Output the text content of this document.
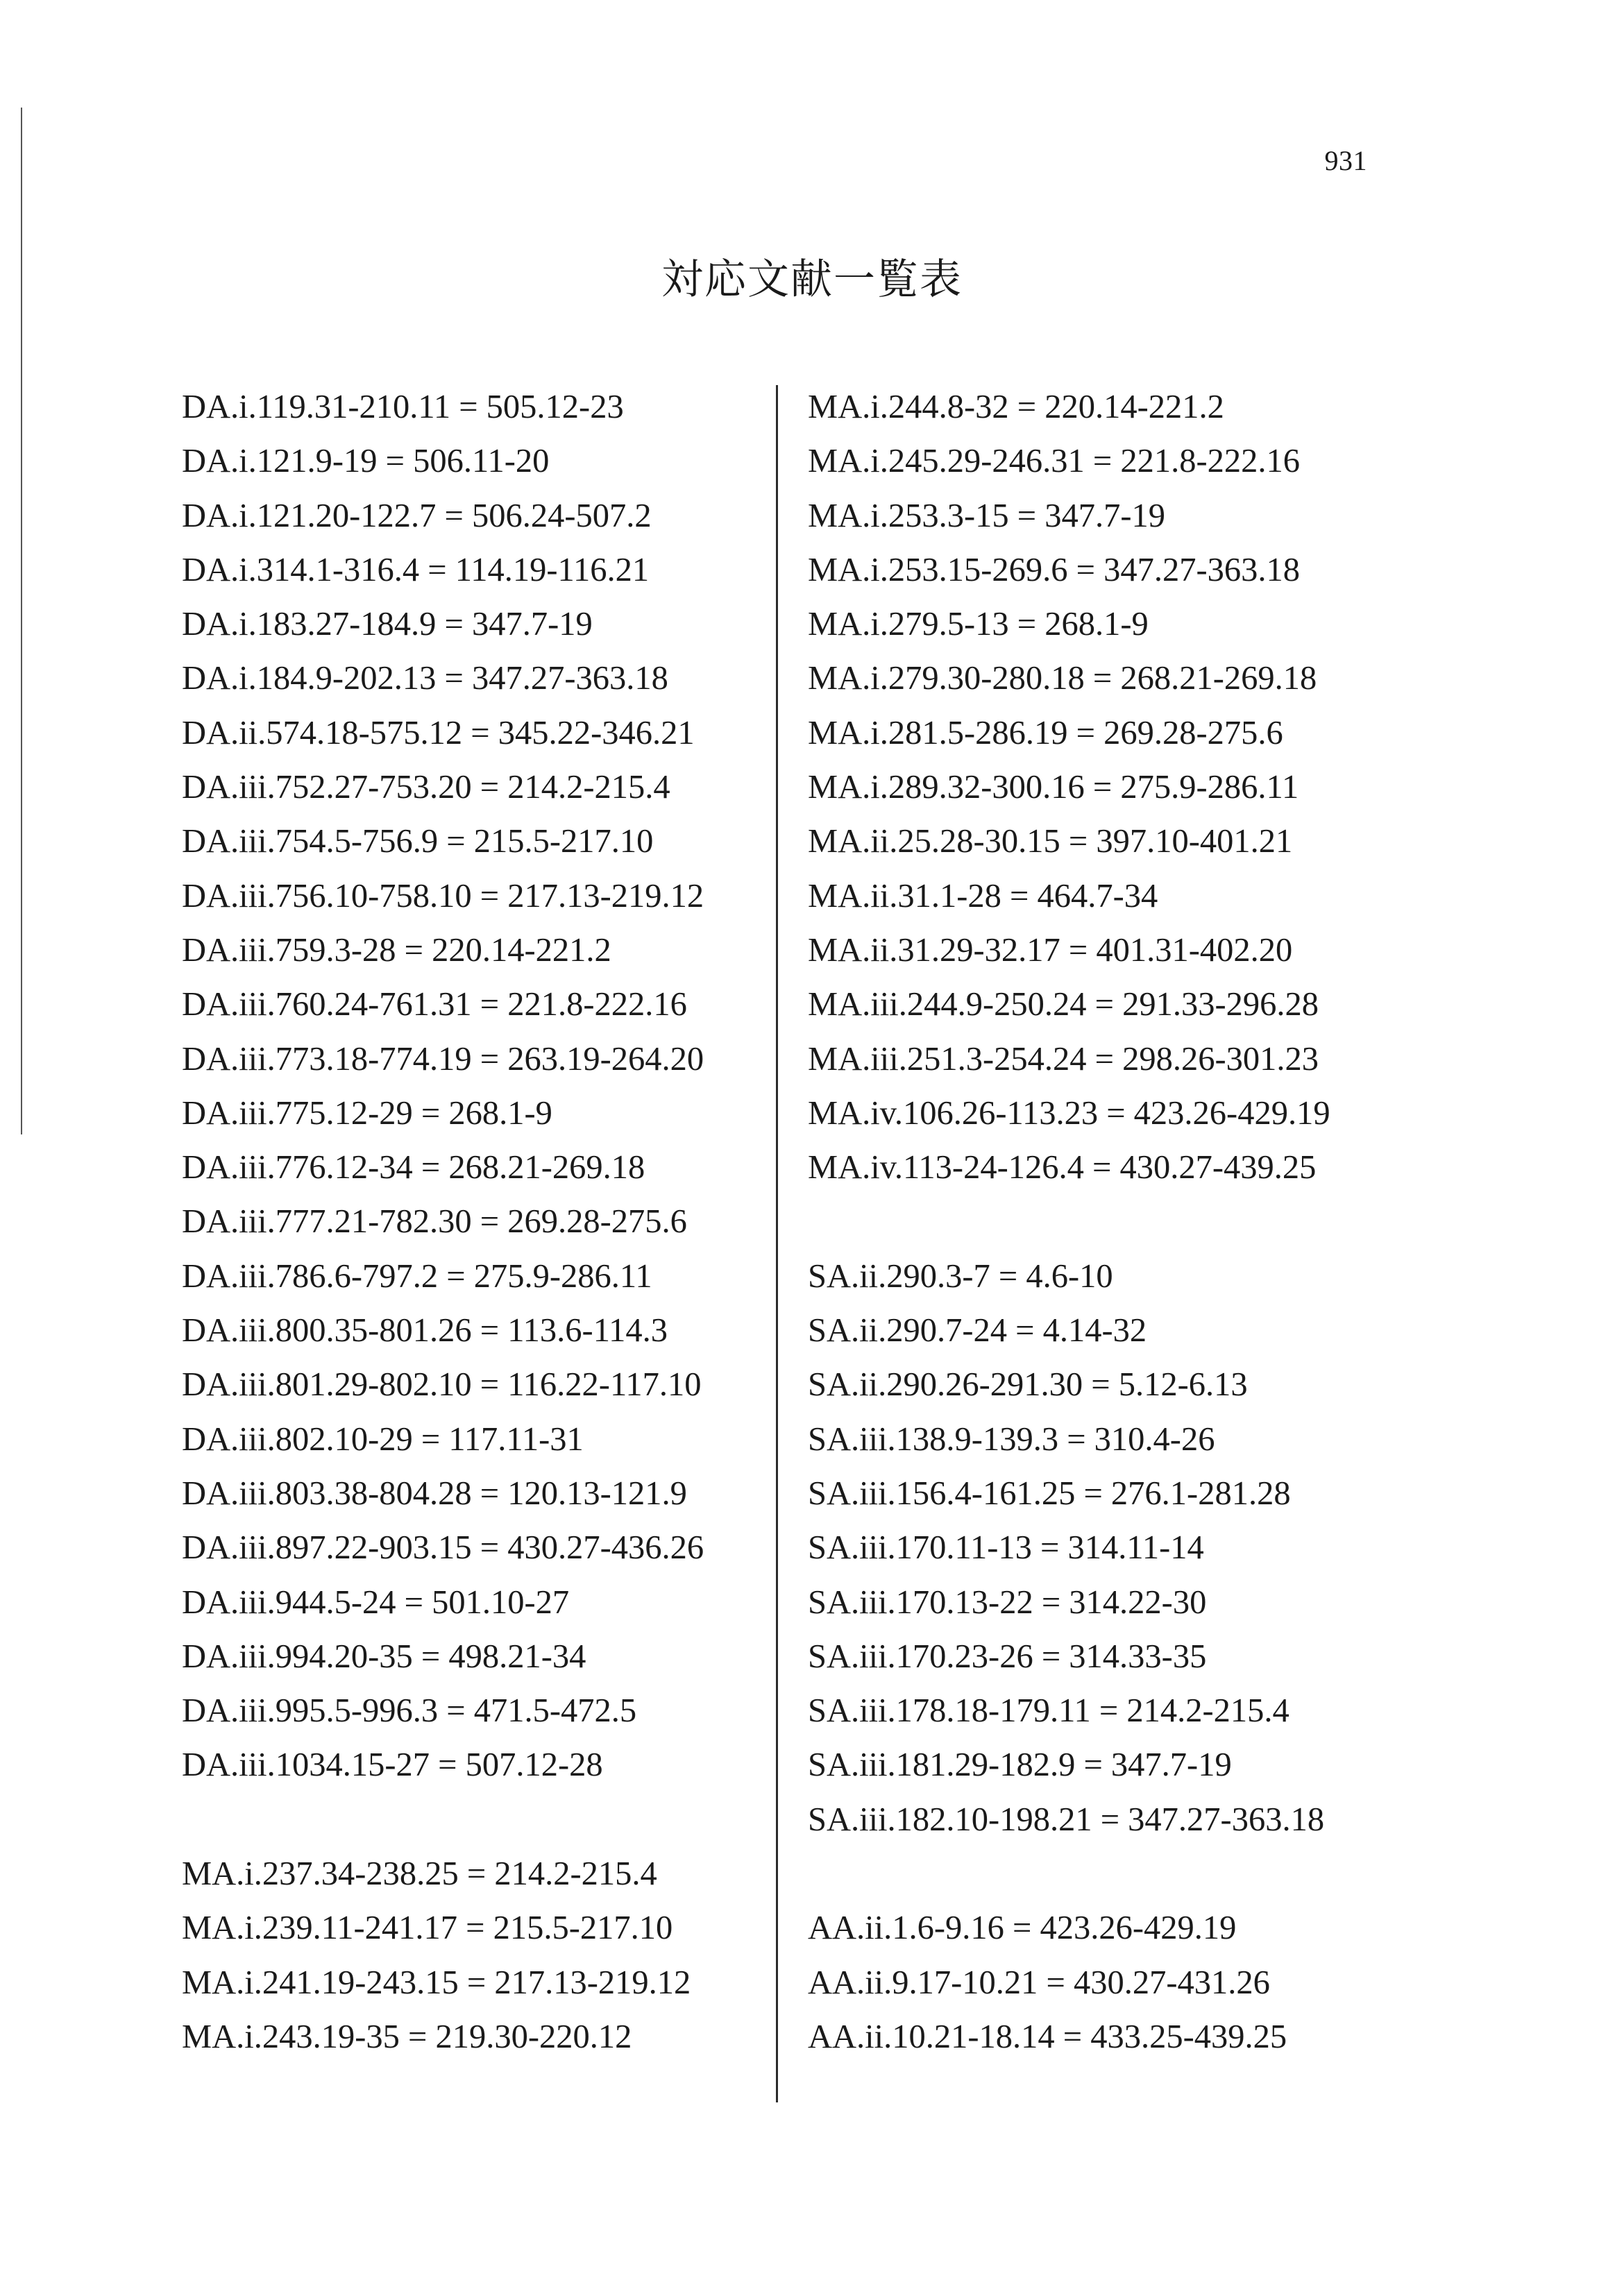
931
対応文献一覧表
DA.i.119.31-210.11 = 505.12-23
DA.i.121.9-19 = 506.11-20
DA.i.121.20-122.7 = 506.24-507.2
DA.i.314.1-316.4 = 114.19-116.21
DA.i.183.27-184.9 = 347.7-19
DA.i.184.9-202.13 = 347.27-363.18
DA.ii.574.18-575.12 = 345.22-346.21
DA.iii.752.27-753.20 = 214.2-215.4
DA.iii.754.5-756.9 = 215.5-217.10
DA.iii.756.10-758.10 = 217.13-219.12
DA.iii.759.3-28 = 220.14-221.2
DA.iii.760.24-761.31 = 221.8-222.16
DA.iii.773.18-774.19 = 263.19-264.20
DA.iii.775.12-29 = 268.1-9
DA.iii.776.12-34 = 268.21-269.18
DA.iii.777.21-782.30 = 269.28-275.6
DA.iii.786.6-797.2 = 275.9-286.11
DA.iii.800.35-801.26 = 113.6-114.3
DA.iii.801.29-802.10 = 116.22-117.10
DA.iii.802.10-29 = 117.11-31
DA.iii.803.38-804.28 = 120.13-121.9
DA.iii.897.22-903.15 = 430.27-436.26
DA.iii.944.5-24 = 501.10-27
DA.iii.994.20-35 = 498.21-34
DA.iii.995.5-996.3 = 471.5-472.5
DA.iii.1034.15-27 = 507.12-28
MA.i.237.34-238.25 = 214.2-215.4
MA.i.239.11-241.17 = 215.5-217.10
MA.i.241.19-243.15 = 217.13-219.12
MA.i.243.19-35 = 219.30-220.12
MA.i.244.8-32 = 220.14-221.2
MA.i.245.29-246.31 = 221.8-222.16
MA.i.253.3-15 = 347.7-19
MA.i.253.15-269.6 = 347.27-363.18
MA.i.279.5-13 = 268.1-9
MA.i.279.30-280.18 = 268.21-269.18
MA.i.281.5-286.19 = 269.28-275.6
MA.i.289.32-300.16 = 275.9-286.11
MA.ii.25.28-30.15 = 397.10-401.21
MA.ii.31.1-28 = 464.7-34
MA.ii.31.29-32.17 = 401.31-402.20
MA.iii.244.9-250.24 = 291.33-296.28
MA.iii.251.3-254.24 = 298.26-301.23
MA.iv.106.26-113.23 = 423.26-429.19
MA.iv.113-24-126.4 = 430.27-439.25
SA.ii.290.3-7 = 4.6-10
SA.ii.290.7-24 = 4.14-32
SA.ii.290.26-291.30 = 5.12-6.13
SA.iii.138.9-139.3 = 310.4-26
SA.iii.156.4-161.25 = 276.1-281.28
SA.iii.170.11-13 = 314.11-14
SA.iii.170.13-22 = 314.22-30
SA.iii.170.23-26 = 314.33-35
SA.iii.178.18-179.11 = 214.2-215.4
SA.iii.181.29-182.9 = 347.7-19
SA.iii.182.10-198.21 = 347.27-363.18
AA.ii.1.6-9.16 = 423.26-429.19
AA.ii.9.17-10.21 = 430.27-431.26
AA.ii.10.21-18.14 = 433.25-439.25
